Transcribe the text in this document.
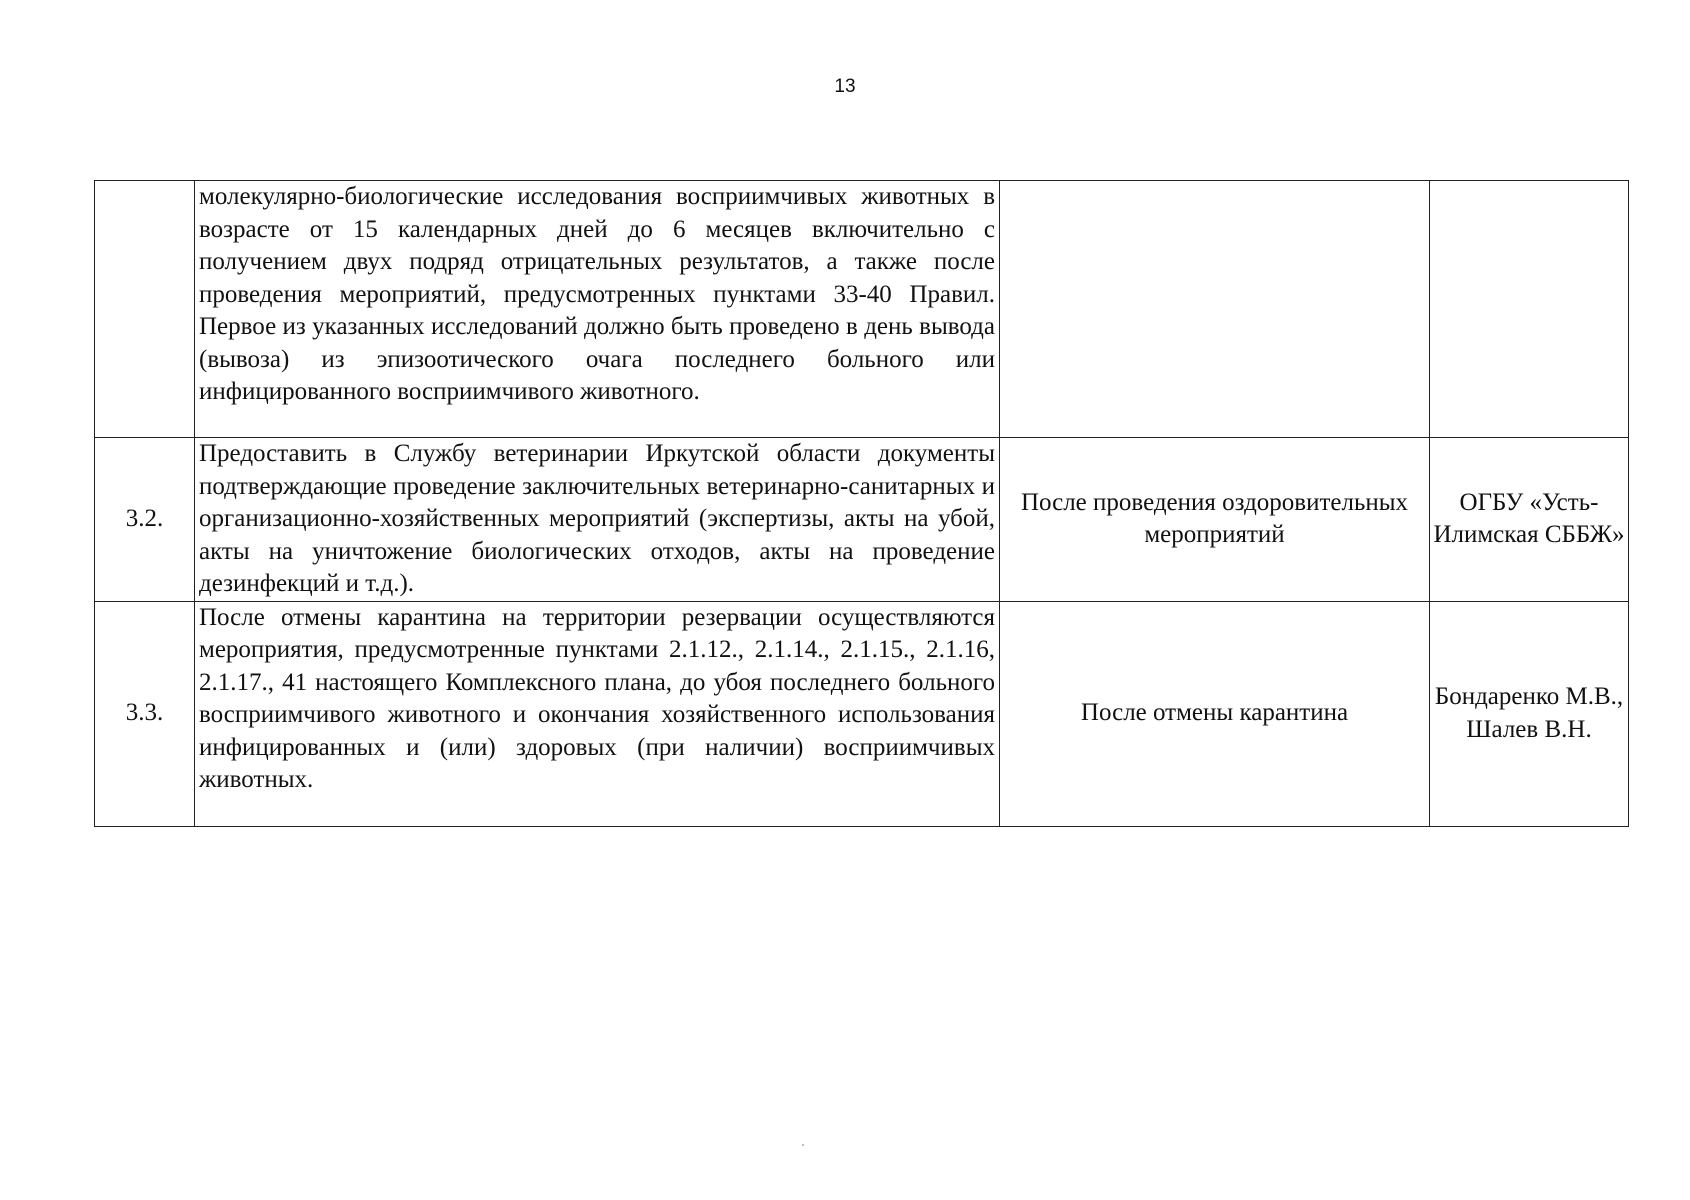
13
	молекулярно-биологические исследования восприимчивых животных в возрасте от 15 календарных дней до 6 месяцев включительно с получением двух подряд отрицательных результатов, а также после проведения мероприятий, предусмотренных пунктами 33-40 Правил. Первое из указанных исследований должно быть проведено в день вывода (вывоза) из эпизоотического очага последнего больного или инфицированного восприимчивого животного.		
3.2.	Предоставить в Службу ветеринарии Иркутской области документы подтверждающие проведение заключительных ветеринарно-санитарных и организационно-хозяйственных мероприятий (экспертизы, акты на убой, акты на уничтожение биологических отходов, акты на проведение дезинфекций и т.д.).	После проведения оздоровительных мероприятий	ОГБУ «Усть-Илимская СББЖ»
3.3.	После отмены карантина на территории резервации осуществляются мероприятия, предусмотренные пунктами 2.1.12., 2.1.14., 2.1.15., 2.1.16, 2.1.17., 41 настоящего Комплексного плана, до убоя последнего больного восприимчивого животного и окончания хозяйственного использования инфицированных и (или) здоровых (при наличии) восприимчивых животных.	После отмены карантина	Бондаренко М.В., Шалев В.Н.
